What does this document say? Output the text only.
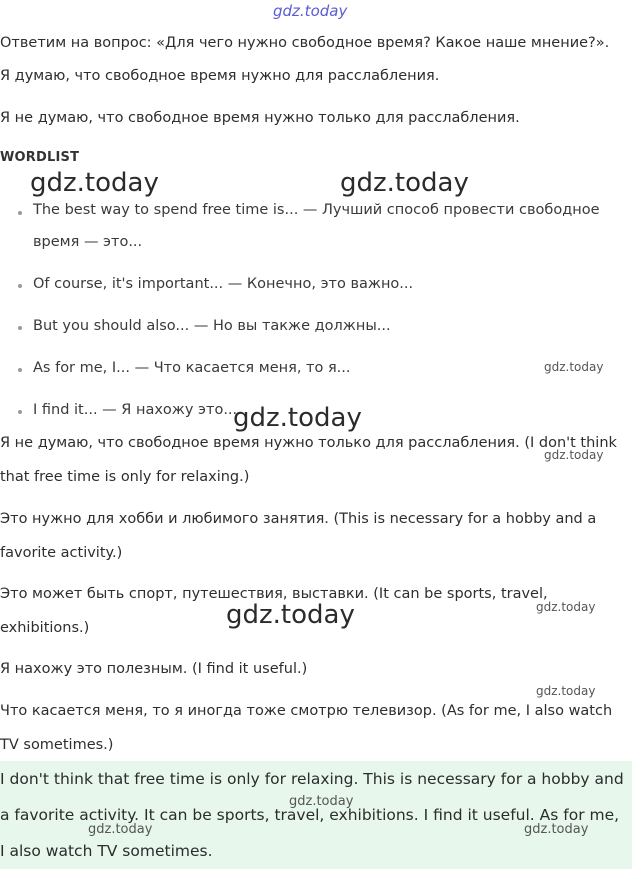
Ответим на вопрос: «Для чего нужно свободное время? Какое наше мнение?».

Я думаю, что свободное время нужно для расслабления.

Я не думаю, что свободное время нужно только для расслабления.

WORDLIST

The best way to spend free time is... — Лучший способ провести свободное время — это...

Of course, it's important... — Конечно, это важно...

But you should also... — Но вы также должны...

As for me, I... — Что касается меня, то я...

I find it... — Я нахожу это...

Я не думаю, что свободное время нужно только для расслабления. (I don't think that free time is only for relaxing.)

Это нужно для хобби и любимого занятия. (This is necessary for a hobby and a favorite activity.)

Это может быть спорт, путешествия, выставки. (It can be sports, travel, exhibitions.)

Я нахожу это полезным. (I find it useful.)

Что касается меня, то я иногда тоже смотрю телевизор. (As for me, I also watch TV sometimes.)

I don't think that free time is only for relaxing. This is necessary for a hobby and a favorite activity. It can be sports, travel, exhibitions. I find it useful. As for me, I also watch TV sometimes.

gdz.today
gdz.today	gdz.today
gdz.today
gdz.today
gdz.today
gdz.today
gdz.today
gdz.today
gdz.today
gdz.today	gdz.today
